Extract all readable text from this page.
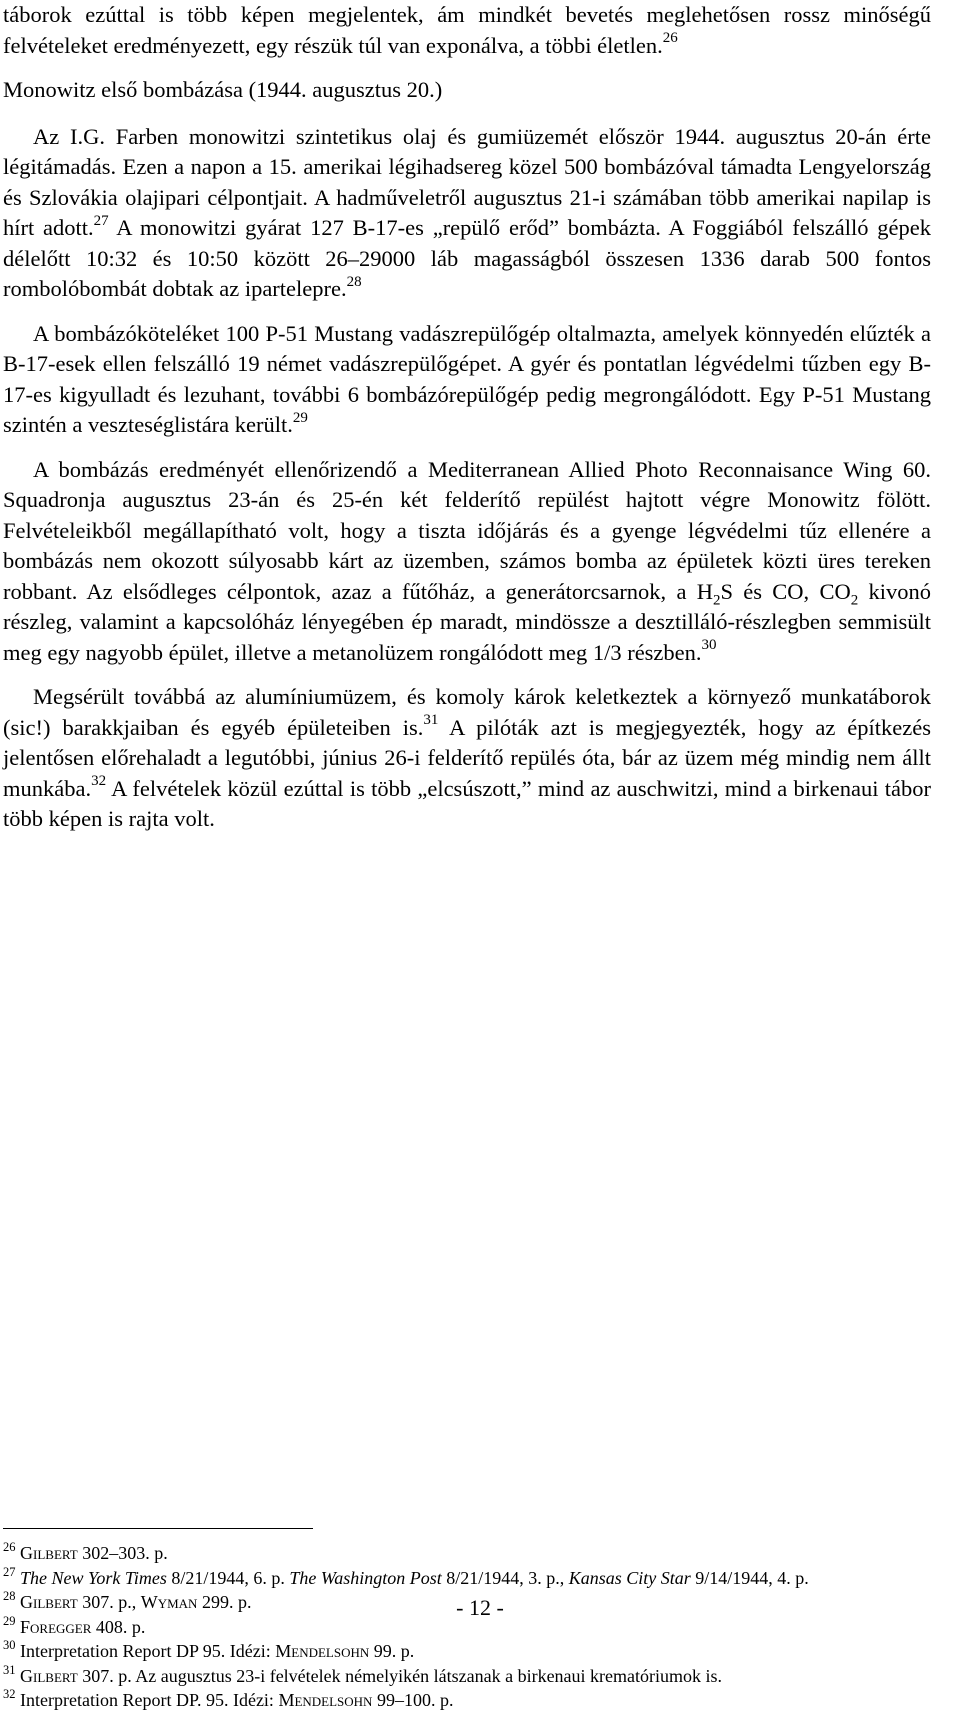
táborok ezúttal is több képen megjelentek, ám mindkét bevetés meglehetősen rossz minőségű felvételeket eredményezett, egy részük túl van exponálva, a többi életlen.$^{26}$

Monowitz első bombázása (1944. augusztus 20.)

Az I.G. Farben monowitzi szintetikus olaj és gumiüzemét először 1944. augusztus 20-án érte légitámadás. Ezen a napon a 15. amerikai légihadsereg közel 500 bombázóval támadta Lengyelország és Szlovákia olajipari célpontjait. A hadműveletről augusztus 21-i számában több amerikai napilap is hírt adott.$^{27}$ A monowitzi gyárat 127 B-17-es „repülő erőd” bombázta. A Foggiából felszálló gépek délelőtt 10:32 és 10:50 között 26–29000 láb magasságból összesen 1336 darab 500 fontos rombolóbombát dobtak az ipartelepre.$^{28}$

A bombázóköteléket 100 P-51 Mustang vadászrepülőgép oltalmazta, amelyek könnyedén elűzték a B-17-esek ellen felszálló 19 német vadászrepülőgépet. A gyér és pontatlan légvédelmi tűzben egy B-17-es kigyulladt és lezuhant, további 6 bombázórepülőgép pedig megrongálódott. Egy P-51 Mustang szintén a veszteséglistára került.$^{29}$

A bombázás eredményét ellenőrizendő a Mediterranean Allied Photo Reconnaisance Wing 60. Squadronja augusztus 23-án és 25-én két felderítő repülést hajtott végre Monowitz fölött. Felvételeikből megállapítható volt, hogy a tiszta időjárás és a gyenge légvédelmi tűz ellenére a bombázás nem okozott súlyosabb kárt az üzemben, számos bomba az épületek közti üres tereken robbant. Az elsődleges célpontok, azaz a fűtőház, a generátorcsarnok, a $H_2S$ és CO, $CO_2$ kivonó részleg, valamint a kapcsolóház lényegében ép maradt, mindössze a desztilláló-részlegben semmisült meg egy nagyobb épület, illetve a metanolüzem rongálódott meg 1/3 részben.$^{30}$

Megsérült továbbá az alumíniumüzem, és komoly károk keletkeztek a környező munkatáborok (sic!) barakkjaiban és egyéb épületeiben is.$^{31}$ A pilóták azt is megjegyezték, hogy az építkezés jelentősen előrehaladt a legutóbbi, június 26-i felderítő repülés óta, bár az üzem még mindig nem állt munkába.$^{32}$ A felvételek közül ezúttal is több „elcsúszott,” mind az auschwitzi, mind a birkenaui tábor több képen is rajta volt.

$^{26}$ Gilbert 302–303. p.

$^{27}$ The New York Times 8/21/1944, 6. p. The Washington Post 8/21/1944, 3. p., Kansas City Star 9/14/1944, 4. p.

$^{28}$ Gilbert 307. p., Wyman 299. p.

$^{29}$ Foregger 408. p.

$^{30}$ Interpretation Report DP 95. Idézi: Mendelsohn 99. p.

$^{31}$ Gilbert 307. p. Az augusztus 23-i felvételek némelyikén látszanak a birkenaui krematóriumok is.

$^{32}$ Interpretation Report DP. 95. Idézi: Mendelsohn 99–100. p.

- 12 -
